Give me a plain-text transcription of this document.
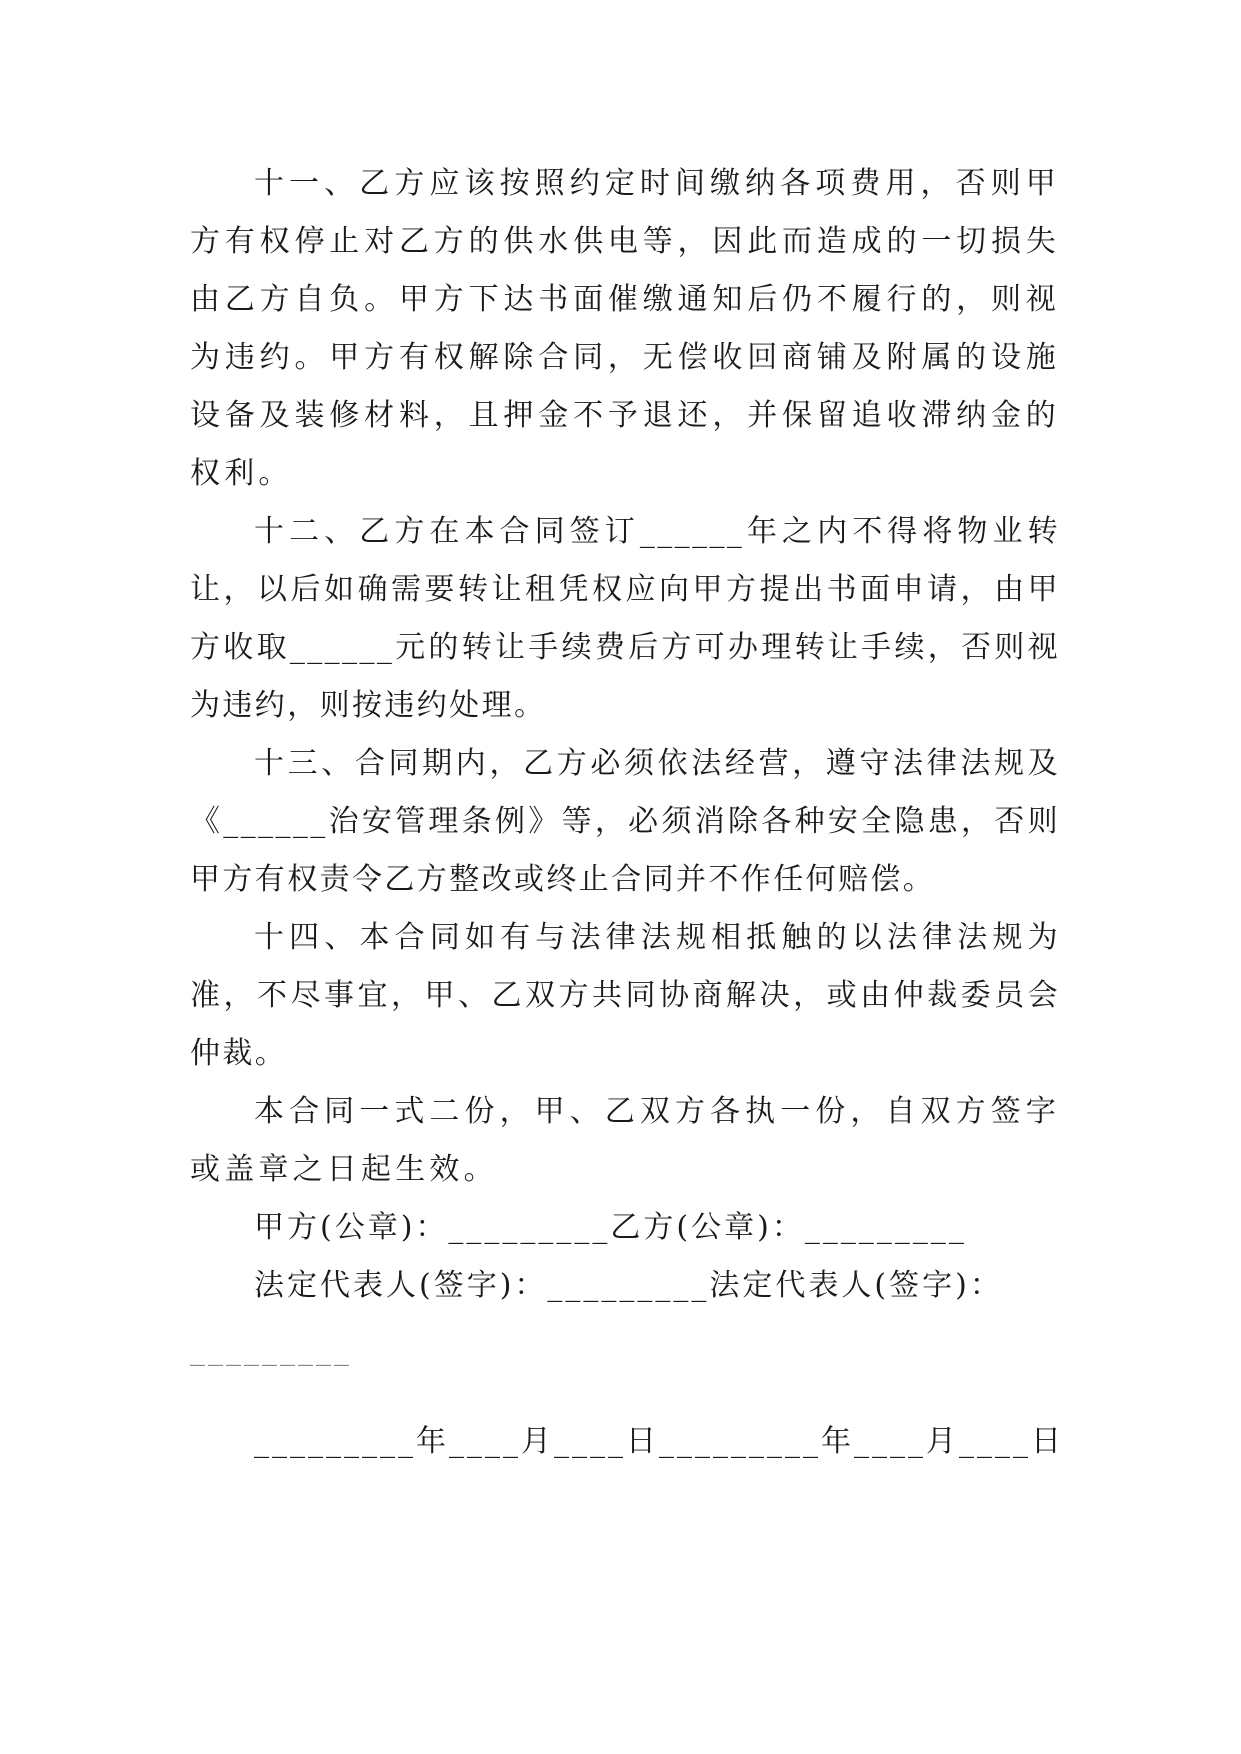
十一、乙方应该按照约定时间缴纳各项费用，否则甲方有权停止对乙方的供水供电等，因此而造成的一切损失由乙方自负。甲方下达书面催缴通知后仍不履行的，则视为违约。甲方有权解除合同，无偿收回商铺及附属的设施设备及装修材料，且押金不予退还，并保留追收滞纳金的权利。

十二、乙方在本合同签订______年之内不得将物业转让，以后如确需要转让租凭权应向甲方提出书面申请，由甲方收取______元的转让手续费后方可办理转让手续，否则视为违约，则按违约处理。

十三、合同期内，乙方必须依法经营，遵守法律法规及《______治安管理条例》等，必须消除各种安全隐患，否则甲方有权责令乙方整改或终止合同并不作任何赔偿。

十四、本合同如有与法律法规相抵触的以法律法规为准，不尽事宜，甲、乙双方共同协商解决，或由仲裁委员会仲裁。

本合同一式二份，甲、乙双方各执一份，自双方签字或盖章之日起生效。

甲方(公章)：_________乙方(公章)：_________

法定代表人(签字)：_________法定代表人(签字)：

_________

_________年____月____日_________年____月____日
